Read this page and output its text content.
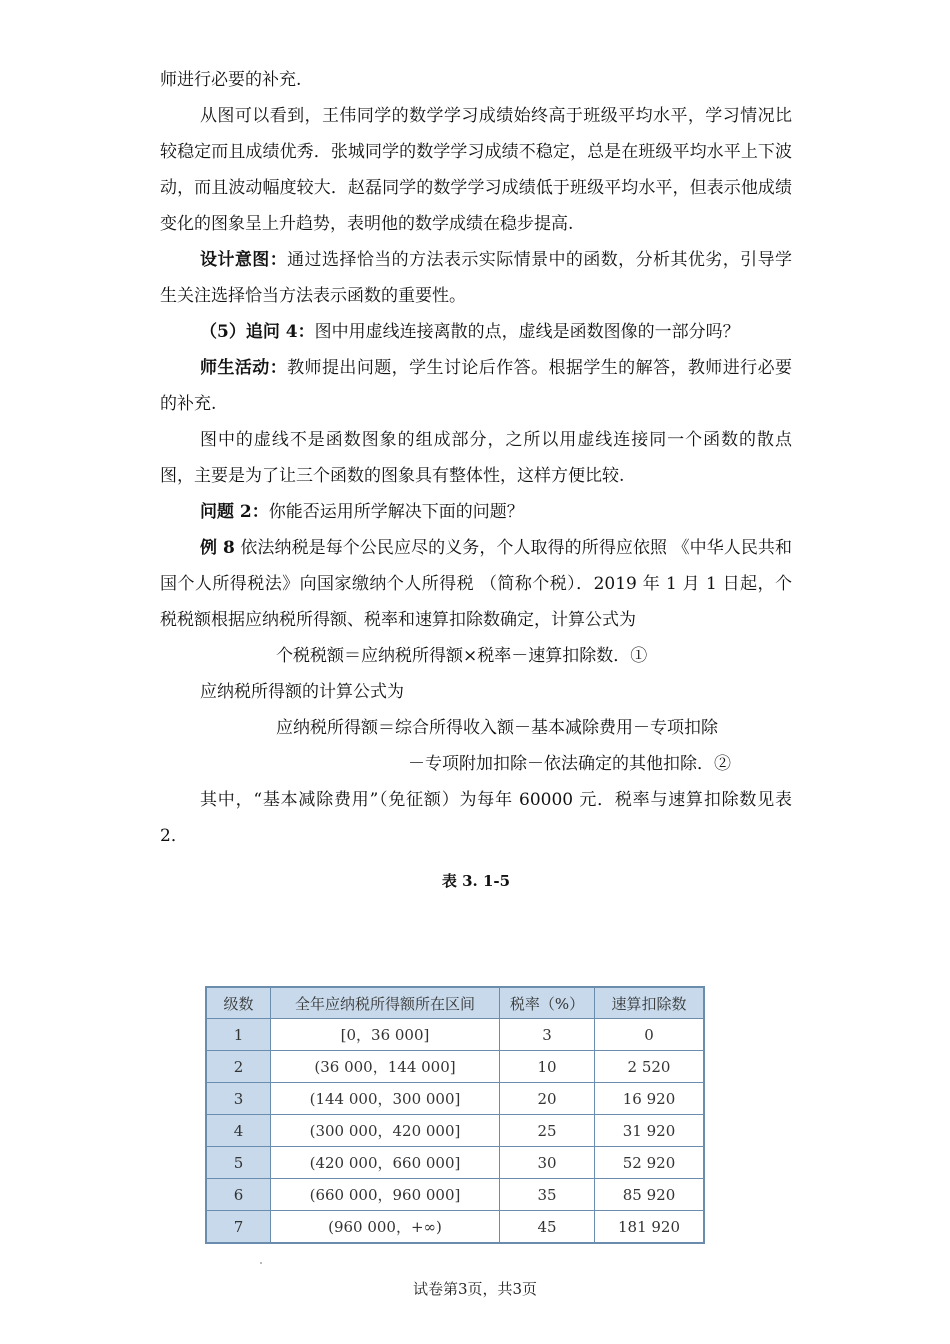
师进行必要的补充.

从图可以看到，王伟同学的数学学习成绩始终高于班级平均水平，学习情况比较稳定而且成绩优秀．张城同学的数学学习成绩不稳定，总是在班级平均水平上下波动，而且波动幅度较大．赵磊同学的数学学习成绩低于班级平均水平，但表示他成绩变化的图象呈上升趋势，表明他的数学成绩在稳步提高.

设计意图：通过选择恰当的方法表示实际情景中的函数，分析其优劣，引导学生关注选择恰当方法表示函数的重要性。

（5）追问 4：图中用虚线连接离散的点，虚线是函数图像的一部分吗？

师生活动：教师提出问题，学生讨论后作答。根据学生的解答，教师进行必要的补充.

图中的虚线不是函数图象的组成部分，之所以用虚线连接同一个函数的散点图，主要是为了让三个函数的图象具有整体性，这样方便比较.

问题 2：你能否运用所学解决下面的问题？

例 8 依法纳税是每个公民应尽的义务，个人取得的所得应依照 《中华人民共和国个人所得税法》向国家缴纳个人所得税 （简称个税）．2019 年 1 月 1 日起，个税税额根据应纳税所得额、税率和速算扣除数确定，计算公式为

个税税额＝应纳税所得额×税率－速算扣除数．①

应纳税所得额的计算公式为

应纳税所得额＝综合所得收入额－基本减除费用－专项扣除

－专项附加扣除－依法确定的其他扣除．②

其中，“基本减除费用”（免征额）为每年 60000 元．税率与速算扣除数见表 2．

表 3. 1-5
级数	全年应纳税所得额所在区间	税率（%）	速算扣除数
1	[0，36 000]	3	0
2	(36 000，144 000]	10	2 520
3	(144 000，300 000]	20	16 920
4	(300 000，420 000]	25	31 920
5	(420 000，660 000]	30	52 920
6	(660 000，960 000]	35	85 920
7	(960 000，+∞)	45	181 920
试卷第3页，共3页
